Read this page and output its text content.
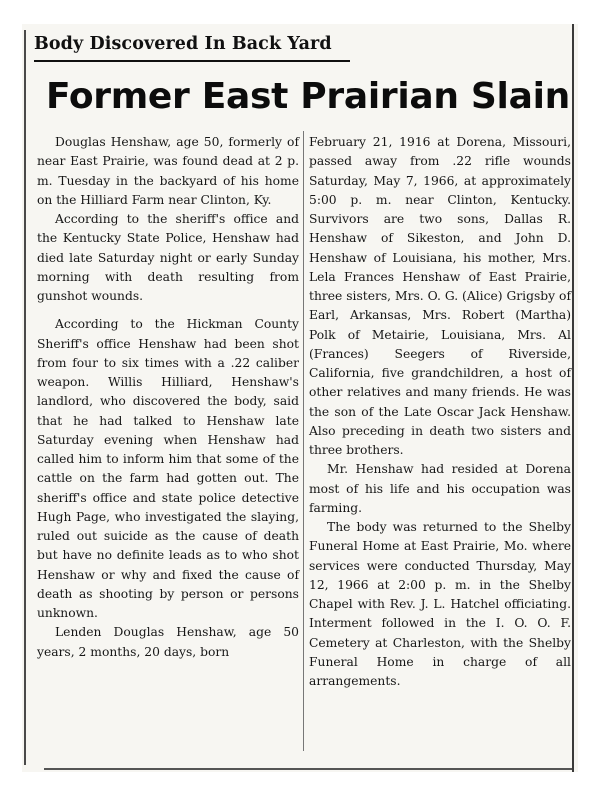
Body Discovered In Back Yard
Former East Prairian Slain

Douglas Henshaw, age 50, formerly of near East Prairie, was found dead at 2 p. m. Tuesday in the backyard of his home on the Hilliard Farm near Clinton, Ky.

According to the sheriff's office and the Kentucky State Police, Henshaw had died late Saturday night or early Sunday morning with death resulting from gunshot wounds.

According to the Hickman County Sheriff's office Henshaw had been shot from four to six times with a .22 caliber weapon. Willis Hilliard, Henshaw's landlord, who discovered the body, said that he had talked to Henshaw late Saturday evening when Henshaw had called him to inform him that some of the cattle on the farm had gotten out. The sheriff's office and state police detective Hugh Page, who investigated the slaying, ruled out suicide as the cause of death but have no definite leads as to who shot Henshaw or why and fixed the cause of death as shooting by person or persons unknown.

Lenden Douglas Henshaw, age 50 years, 2 months, 20 days, born

February 21, 1916 at Dorena, Missouri, passed away from .22 rifle wounds Saturday, May 7, 1966, at approximately 5:00 p. m. near Clinton, Kentucky. Survivors are two sons, Dallas R. Henshaw of Sikeston, and John D. Henshaw of Louisiana, his mother, Mrs. Lela Frances Henshaw of East Prairie, three sisters, Mrs. O. G. (Alice) Grigsby of Earl, Arkansas, Mrs. Robert (Martha) Polk of Metairie, Louisiana, Mrs. Al (Frances) Seegers of Riverside, California, five grandchildren, a host of other relatives and many friends. He was the son of the Late Oscar Jack Henshaw. Also preceding in death two sisters and three brothers.

Mr. Henshaw had resided at Dorena most of his life and his occupation was farming.

The body was returned to the Shelby Funeral Home at East Prairie, Mo. where services were conducted Thursday, May 12, 1966 at 2:00 p. m. in the Shelby Chapel with Rev. J. L. Hatchel officiating. Interment followed in the I. O. O. F. Cemetery at Charleston, with the Shelby Funeral Home in charge of all arrangements.
